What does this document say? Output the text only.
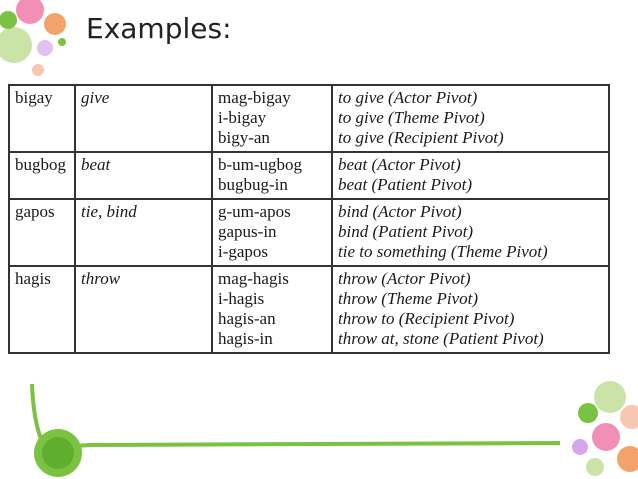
Examples:
bigay	give	mag-bigay
i-bigay
bigy-an	to give (Actor Pivot)
to give (Theme Pivot)
to give (Recipient Pivot)

bugbog	beat	b-um-ugbog
bugbug-in	beat (Actor Pivot)
beat (Patient Pivot)

gapos	tie, bind	g-um-apos
gapus-in
i-gapos	bind (Actor Pivot)
bind (Patient Pivot)
tie to something (Theme Pivot)

hagis	throw	mag-hagis
i-hagis
hagis-an
hagis-in	throw (Actor Pivot)
throw (Theme Pivot)
throw to (Recipient Pivot)
throw at, stone (Patient Pivot)
